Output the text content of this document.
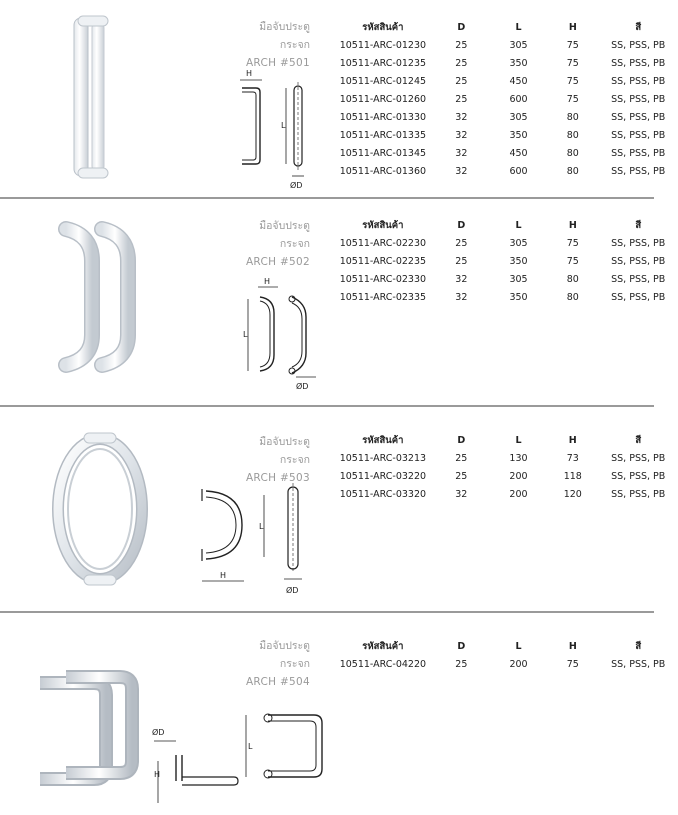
มือจับประตูกระจก
ARCH #501
H
L
ØD
รหัสสินค้า	D	L	H	สี
10511-ARC-01230	25	305	75	SS, PSS, PB
10511-ARC-01235	25	350	75	SS, PSS, PB
10511-ARC-01245	25	450	75	SS, PSS, PB
10511-ARC-01260	25	600	75	SS, PSS, PB
10511-ARC-01330	32	305	80	SS, PSS, PB
10511-ARC-01335	32	350	80	SS, PSS, PB
10511-ARC-01345	32	450	80	SS, PSS, PB
10511-ARC-01360	32	600	80	SS, PSS, PB
มือจับประตูกระจก
ARCH #502
H
L
ØD
รหัสสินค้า	D	L	H	สี
10511-ARC-02230	25	305	75	SS, PSS, PB
10511-ARC-02235	25	350	75	SS, PSS, PB
10511-ARC-02330	32	305	80	SS, PSS, PB
10511-ARC-02335	32	350	80	SS, PSS, PB
มือจับประตูกระจก
ARCH #503
H
L
ØD
รหัสสินค้า	D	L	H	สี
10511-ARC-03213	25	130	73	SS, PSS, PB
10511-ARC-03220	25	200	118	SS, PSS, PB
10511-ARC-03320	32	200	120	SS, PSS, PB
มือจับประตูกระจก
ARCH #504
ØD
H
L
รหัสสินค้า	D	L	H	สี
10511-ARC-04220	25	200	75	SS, PSS, PB
